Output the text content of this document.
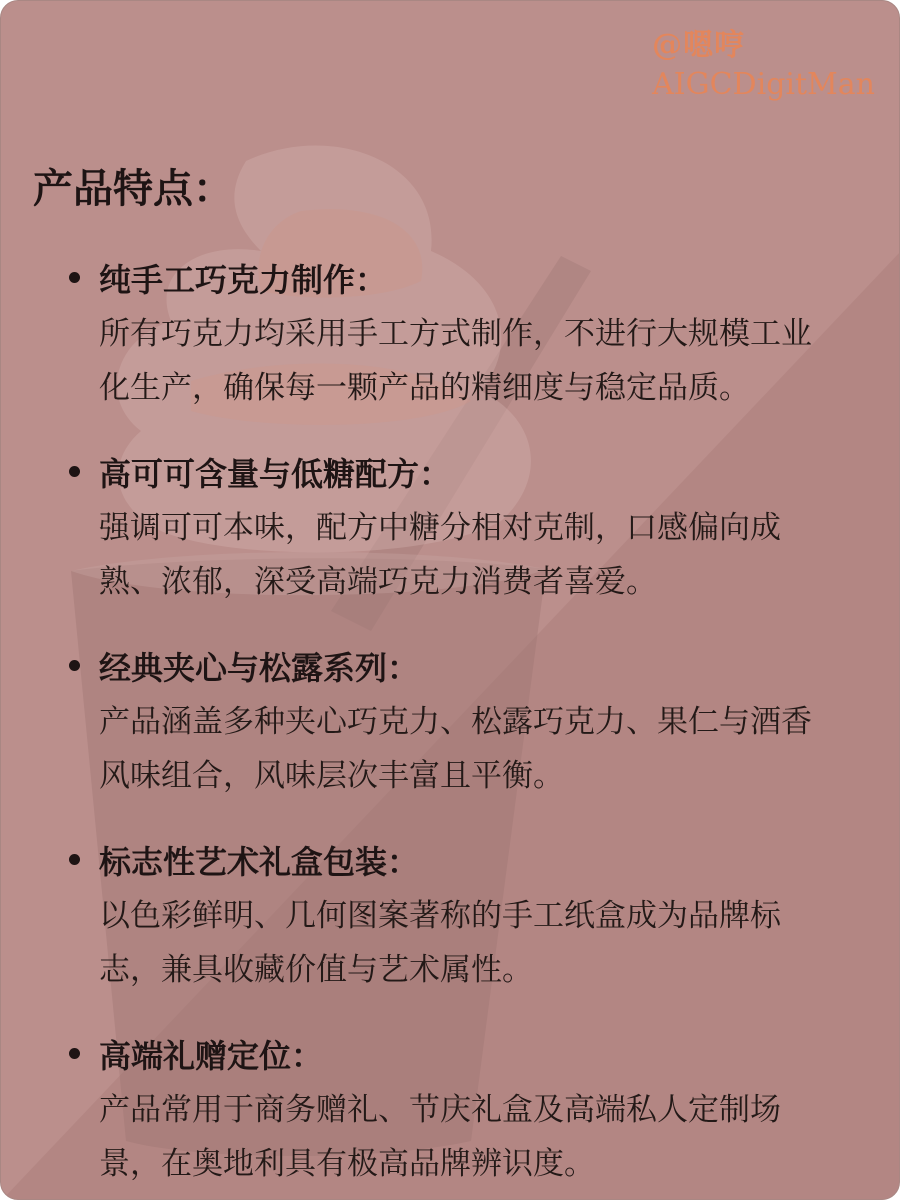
@嗯哼
AIGCDigitMan
产品特点：
纯手工巧克力制作：
所有巧克力均采用手工方式制作，不进行大规模工业化生产，确保每一颗产品的精细度与稳定品质。
高可可含量与低糖配方：
强调可可本味，配方中糖分相对克制，口感偏向成熟、浓郁，深受高端巧克力消费者喜爱。
经典夹心与松露系列：
产品涵盖多种夹心巧克力、松露巧克力、果仁与酒香风味组合，风味层次丰富且平衡。
标志性艺术礼盒包装：
以色彩鲜明、几何图案著称的手工纸盒成为品牌标志，兼具收藏价值与艺术属性。
高端礼赠定位：
产品常用于商务赠礼、节庆礼盒及高端私人定制场景，在奥地利具有极高品牌辨识度。
